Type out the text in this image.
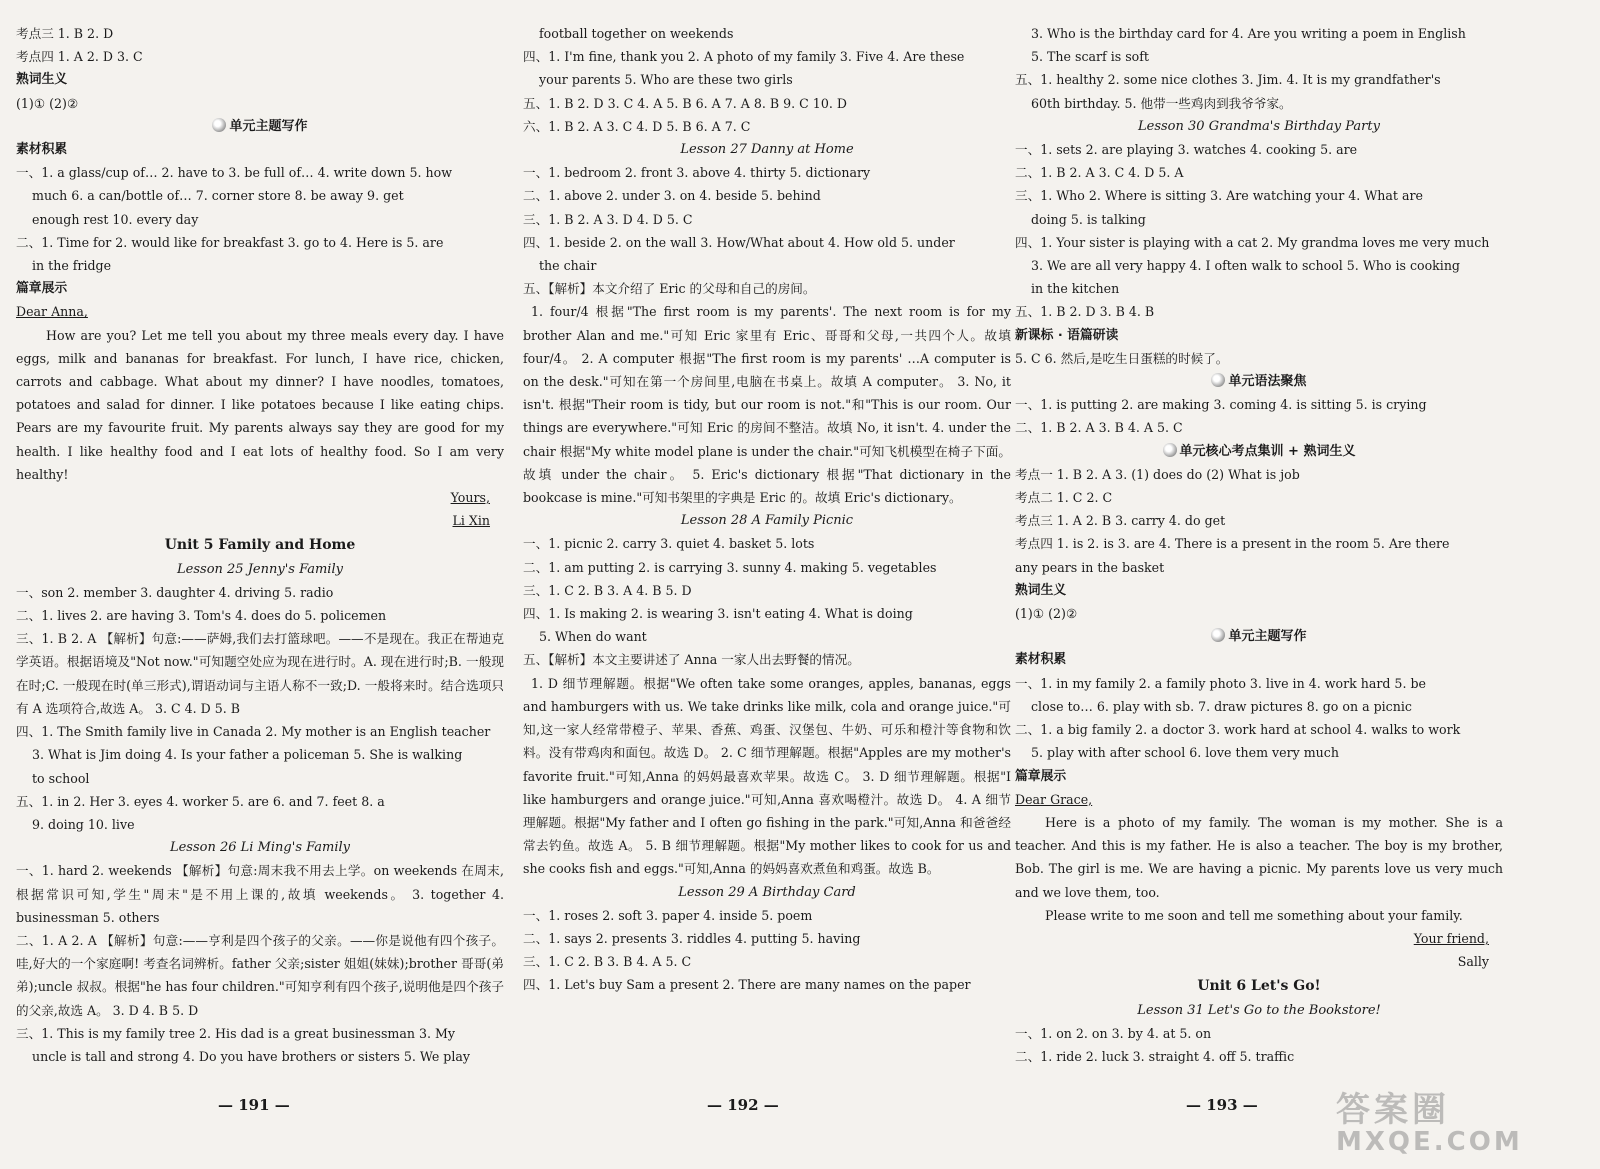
考点三 1. B 2. D
考点四 1. A 2. D 3. C
熟词生义
(1)① (2)②
单元主题写作
素材积累
一、1. a glass/cup of… 2. have to 3. be full of… 4. write down 5. how
much 6. a can/bottle of… 7. corner store 8. be away 9. get
enough rest 10. every day
二、1. Time for 2. would like for breakfast 3. go to 4. Here is 5. are
in the fridge
篇章展示
Dear Anna,
How are you? Let me tell you about my three meals every day. I have eggs, milk and bananas for breakfast. For lunch, I have rice, chicken, carrots and cabbage. What about my dinner? I have noodles, tomatoes, potatoes and salad for dinner. I like potatoes because I like eating chips. Pears are my favourite fruit. My parents always say they are good for my health. I like healthy food and I eat lots of healthy food. So I am very healthy!
Yours,
Li Xin
Unit 5 Family and Home
Lesson 25 Jenny's Family
一、son 2. member 3. daughter 4. driving 5. radio
二、1. lives 2. are having 3. Tom's 4. does do 5. policemen
三、1. B 2. A 【解析】句意:——萨姆,我们去打篮球吧。——不是现在。我正在帮迪克学英语。根据语境及"Not now."可知题空处应为现在进行时。A. 现在进行时;B. 一般现在时;C. 一般现在时(单三形式),谓语动词与主语人称不一致;D. 一般将来时。结合选项只有 A 选项符合,故选 A。 3. C 4. D 5. B
四、1. The Smith family live in Canada 2. My mother is an English teacher
3. What is Jim doing 4. Is your father a policeman 5. She is walking
to school
五、1. in 2. Her 3. eyes 4. worker 5. are 6. and 7. feet 8. a
9. doing 10. live
Lesson 26 Li Ming's Family
一、1. hard 2. weekends 【解析】句意:周末我不用去上学。on weekends 在周末,根据常识可知,学生"周末"是不用上课的,故填 weekends。 3. together 4. businessman 5. others
二、1. A 2. A 【解析】句意:——亨利是四个孩子的父亲。——你是说他有四个孩子。哇,好大的一个家庭啊! 考查名词辨析。father 父亲;sister 姐姐(妹妹);brother 哥哥(弟弟);uncle 叔叔。根据"he has four children."可知亨利有四个孩子,说明他是四个孩子的父亲,故选 A。 3. D 4. B 5. D
三、1. This is my family tree 2. His dad is a great businessman 3. My
uncle is tall and strong 4. Do you have brothers or sisters 5. We play
football together on weekends
四、1. I'm fine, thank you 2. A photo of my family 3. Five 4. Are these
your parents 5. Who are these two girls
五、1. B 2. D 3. C 4. A 5. B 6. A 7. A 8. B 9. C 10. D
六、1. B 2. A 3. C 4. D 5. B 6. A 7. C
Lesson 27 Danny at Home
一、1. bedroom 2. front 3. above 4. thirty 5. dictionary
二、1. above 2. under 3. on 4. beside 5. behind
三、1. B 2. A 3. D 4. D 5. C
四、1. beside 2. on the wall 3. How/What about 4. How old 5. under
the chair
五、【解析】本文介绍了 Eric 的父母和自己的房间。
1. four/4 根据"The first room is my parents'. The next room is for my brother Alan and me."可知 Eric 家里有 Eric、哥哥和父母,一共四个人。故填 four/4。 2. A computer 根据"The first room is my parents' …A computer is on the desk."可知在第一个房间里,电脑在书桌上。故填 A computer。 3. No, it isn't. 根据"Their room is tidy, but our room is not."和"This is our room. Our things are everywhere."可知 Eric 的房间不整洁。故填 No, it isn't. 4. under the chair 根据"My white model plane is under the chair."可知飞机模型在椅子下面。故填 under the chair。 5. Eric's dictionary 根据"That dictionary in the bookcase is mine."可知书架里的字典是 Eric 的。故填 Eric's dictionary。
Lesson 28 A Family Picnic
一、1. picnic 2. carry 3. quiet 4. basket 5. lots
二、1. am putting 2. is carrying 3. sunny 4. making 5. vegetables
三、1. C 2. B 3. A 4. B 5. D
四、1. Is making 2. is wearing 3. isn't eating 4. What is doing
5. When do want
五、【解析】本文主要讲述了 Anna 一家人出去野餐的情况。
1. D 细节理解题。根据"We often take some oranges, apples, bananas, eggs and hamburgers with us. We take drinks like milk, cola and orange juice."可知,这一家人经常带橙子、苹果、香蕉、鸡蛋、汉堡包、牛奶、可乐和橙汁等食物和饮料。没有带鸡肉和面包。故选 D。 2. C 细节理解题。根据"Apples are my mother's favorite fruit."可知,Anna 的妈妈最喜欢苹果。故选 C。 3. D 细节理解题。根据"I like hamburgers and orange juice."可知,Anna 喜欢喝橙汁。故选 D。 4. A 细节理解题。根据"My father and I often go fishing in the park."可知,Anna 和爸爸经常去钓鱼。故选 A。 5. B 细节理解题。根据"My mother likes to cook for us and she cooks fish and eggs."可知,Anna 的妈妈喜欢煮鱼和鸡蛋。故选 B。
Lesson 29 A Birthday Card
一、1. roses 2. soft 3. paper 4. inside 5. poem
二、1. says 2. presents 3. riddles 4. putting 5. having
三、1. C 2. B 3. B 4. A 5. C
四、1. Let's buy Sam a present 2. There are many names on the paper
3. Who is the birthday card for 4. Are you writing a poem in English
5. The scarf is soft
五、1. healthy 2. some nice clothes 3. Jim. 4. It is my grandfather's
60th birthday. 5. 他带一些鸡肉到我爷爷家。
Lesson 30 Grandma's Birthday Party
一、1. sets 2. are playing 3. watches 4. cooking 5. are
二、1. B 2. A 3. C 4. D 5. A
三、1. Who 2. Where is sitting 3. Are watching your 4. What are
doing 5. is talking
四、1. Your sister is playing with a cat 2. My grandma loves me very much
3. We are all very happy 4. I often walk to school 5. Who is cooking
in the kitchen
五、1. B 2. D 3. B 4. B
新课标 · 语篇研读
5. C 6. 然后,是吃生日蛋糕的时候了。
单元语法聚焦
一、1. is putting 2. are making 3. coming 4. is sitting 5. is crying
二、1. B 2. A 3. B 4. A 5. C
单元核心考点集训 + 熟词生义
考点一 1. B 2. A 3. (1) does do (2) What is job
考点二 1. C 2. C
考点三 1. A 2. B 3. carry 4. do get
考点四 1. is 2. is 3. are 4. There is a present in the room 5. Are there
any pears in the basket
熟词生义
(1)① (2)②
单元主题写作
素材积累
一、1. in my family 2. a family photo 3. live in 4. work hard 5. be
close to… 6. play with sb. 7. draw pictures 8. go on a picnic
二、1. a big family 2. a doctor 3. work hard at school 4. walks to work
5. play with after school 6. love them very much
篇章展示
Dear Grace,
Here is a photo of my family. The woman is my mother. She is a teacher. And this is my father. He is also a teacher. The boy is my brother, Bob. The girl is me. We are having a picnic. My parents love us very much and we love them, too.
Please write to me soon and tell me something about your family.
Your friend,
Sally
Unit 6 Let's Go!
Lesson 31 Let's Go to the Bookstore!
一、1. on 2. on 3. by 4. at 5. on
二、1. ride 2. luck 3. straight 4. off 5. traffic
— 191 —	— 192 —	— 193 — 答案圈
MXQE.COM
